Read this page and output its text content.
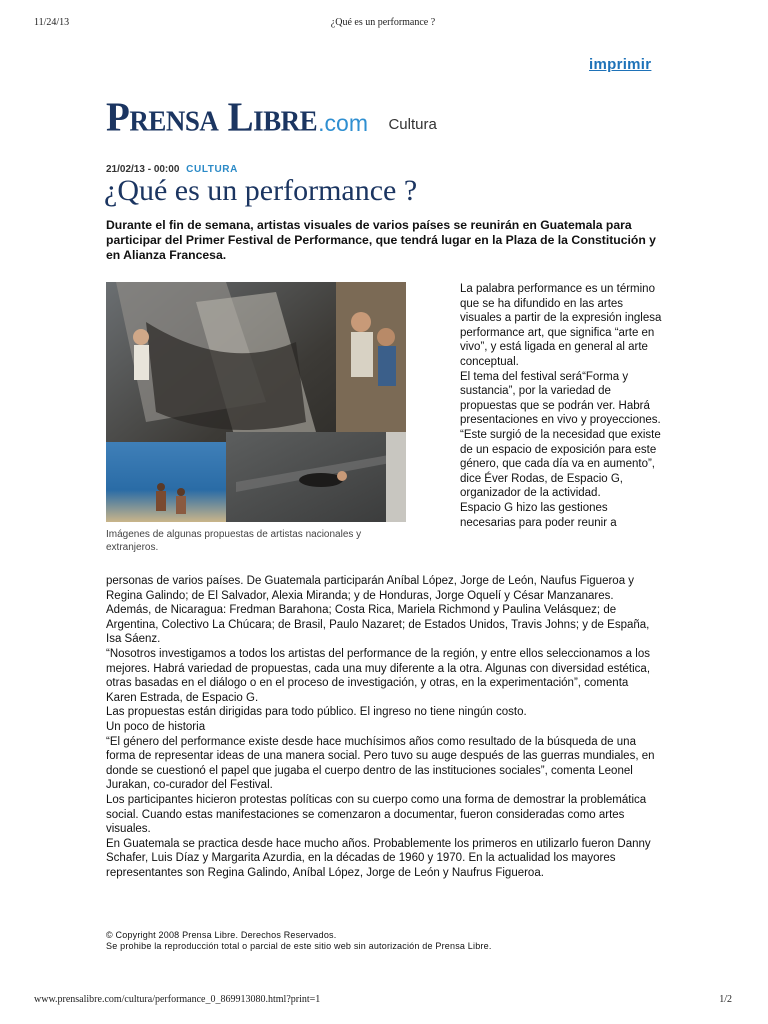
11/24/13	¿Qué es un performance ?
imprimir
Prensa Libre.com Cultura
21/02/13 - 00:00 CULTURA
¿Qué es un performance ?
Durante el fin de semana, artistas visuales de varios países se reunirán en Guatemala para participar del Primer Festival de Performance, que tendrá lugar en la Plaza de la Constitución y en Alianza Francesa.
Imágenes de algunas propuestas de artistas nacionales y extranjeros.

La palabra performance es un término que se ha difundido en las artes visuales a partir de la expresión inglesa performance art, que significa “arte en vivo”, y está ligada en general al arte conceptual.

El tema del festival será“Forma y sustancia”, por la variedad de propuestas que se podrán ver. Habrá presentaciones en vivo y proyecciones.

“Este surgió de la necesidad que existe de un espacio de exposición para este género, que cada día va en aumento”, dice Éver Rodas, de Espacio G, organizador de la actividad.

Espacio G hizo las gestiones necesarias para poder reunir a

personas de varios países. De Guatemala participarán Aníbal López, Jorge de León, Naufus Figueroa y Regina Galindo; de El Salvador, Alexia Miranda; y de Honduras, Jorge Oquelí y César Manzanares.

Además, de Nicaragua: Fredman Barahona; Costa Rica, Mariela Richmond y Paulina Velásquez; de Argentina, Colectivo La Chúcara; de Brasil, Paulo Nazaret; de Estados Unidos, Travis Johns; y de España, Isa Sáenz.

“Nosotros investigamos a todos los artistas del performance de la región, y entre ellos seleccionamos a los mejores. Habrá variedad de propuestas, cada una muy diferente a la otra. Algunas con diversidad estética, otras basadas en el diálogo o en el proceso de investigación, y otras, en la experimentación”, comenta Karen Estrada, de Espacio G.

Las propuestas están dirigidas para todo público. El ingreso no tiene ningún costo.

Un poco de historia

“El género del performance existe desde hace muchísimos años como resultado de la búsqueda de una forma de representar ideas de una manera social. Pero tuvo su auge después de las guerras mundiales, en donde se cuestionó el papel que jugaba el cuerpo dentro de las instituciones sociales”, comenta Leonel Jurakan, co-curador del Festival.

Los participantes hicieron protestas políticas con su cuerpo como una forma de demostrar la problemática social. Cuando estas manifestaciones se comenzaron a documentar, fueron consideradas como artes visuales.

En Guatemala se practica desde hace mucho años. Probablemente los primeros en utilizarlo fueron Danny Schafer, Luis Díaz y Margarita Azurdia, en la décadas de 1960 y 1970. En la actualidad los mayores representantes son Regina Galindo, Aníbal López, Jorge de León y Naufrus Figueroa.

© Copyright 2008 Prensa Libre. Derechos Reservados.
Se prohibe la reproducción total o parcial de este sitio web sin autorización de Prensa Libre.
www.prensalibre.com/cultura/performance_0_869913080.html?print=1	1/2
